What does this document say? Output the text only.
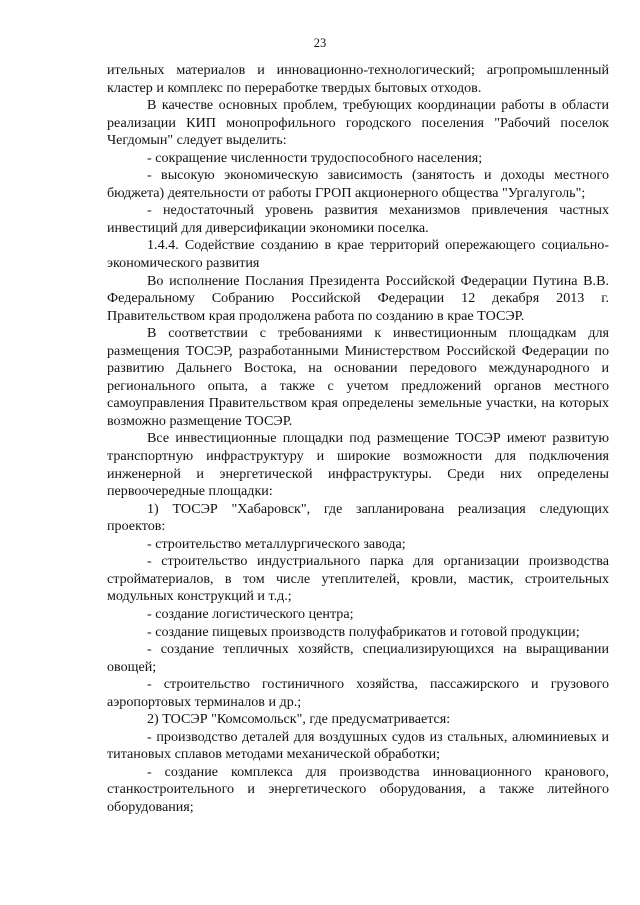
23

ительных материалов и инновационно-технологический; агропромышленный кластер и комплекс по переработке твердых бытовых отходов.

В качестве основных проблем, требующих координации работы в области реализации КИП монопрофильного городского поселения "Рабочий поселок Чегдомын" следует выделить:

- сокращение численности трудоспособного населения;

- высокую экономическую зависимость (занятость и доходы местного бюджета) деятельности от работы ГРОП акционерного общества "Ургалуголь";

- недостаточный уровень развития механизмов привлечения частных инвестиций для диверсификации экономики поселка.

1.4.4. Содействие созданию в крае территорий опережающего социально-экономического развития

Во исполнение Послания Президента Российской Федерации Путина В.В. Федеральному Собранию Российской Федерации 12 декабря 2013 г. Правительством края продолжена работа по созданию в крае ТОСЭР.

В соответствии с требованиями к инвестиционным площадкам для размещения ТОСЭР, разработанными Министерством Российской Федерации по развитию Дальнего Востока, на основании передового международного и регионального опыта, а также с учетом предложений органов местного самоуправления Правительством края определены земельные участки, на которых возможно размещение ТОСЭР.

Все инвестиционные площадки под размещение ТОСЭР имеют развитую транспортную инфраструктуру и широкие возможности для подключения инженерной и энергетической инфраструктуры. Среди них определены первоочередные площадки:

1) ТОСЭР "Хабаровск", где запланирована реализация следующих проектов:

- строительство металлургического завода;

- строительство индустриального парка для организации производства стройматериалов, в том числе утеплителей, кровли, мастик, строительных модульных конструкций и т.д.;

- создание логистического центра;

- создание пищевых производств полуфабрикатов и готовой продукции;

- создание тепличных хозяйств, специализирующихся на выращивании овощей;

- строительство гостиничного хозяйства, пассажирского и грузового аэропортовых терминалов и др.;

2) ТОСЭР "Комсомольск", где предусматривается:

- производство деталей для воздушных судов из стальных, алюминиевых и титановых сплавов методами механической обработки;

- создание комплекса для производства инновационного кранового, станкостроительного и энергетического оборудования, а также литейного оборудования;
